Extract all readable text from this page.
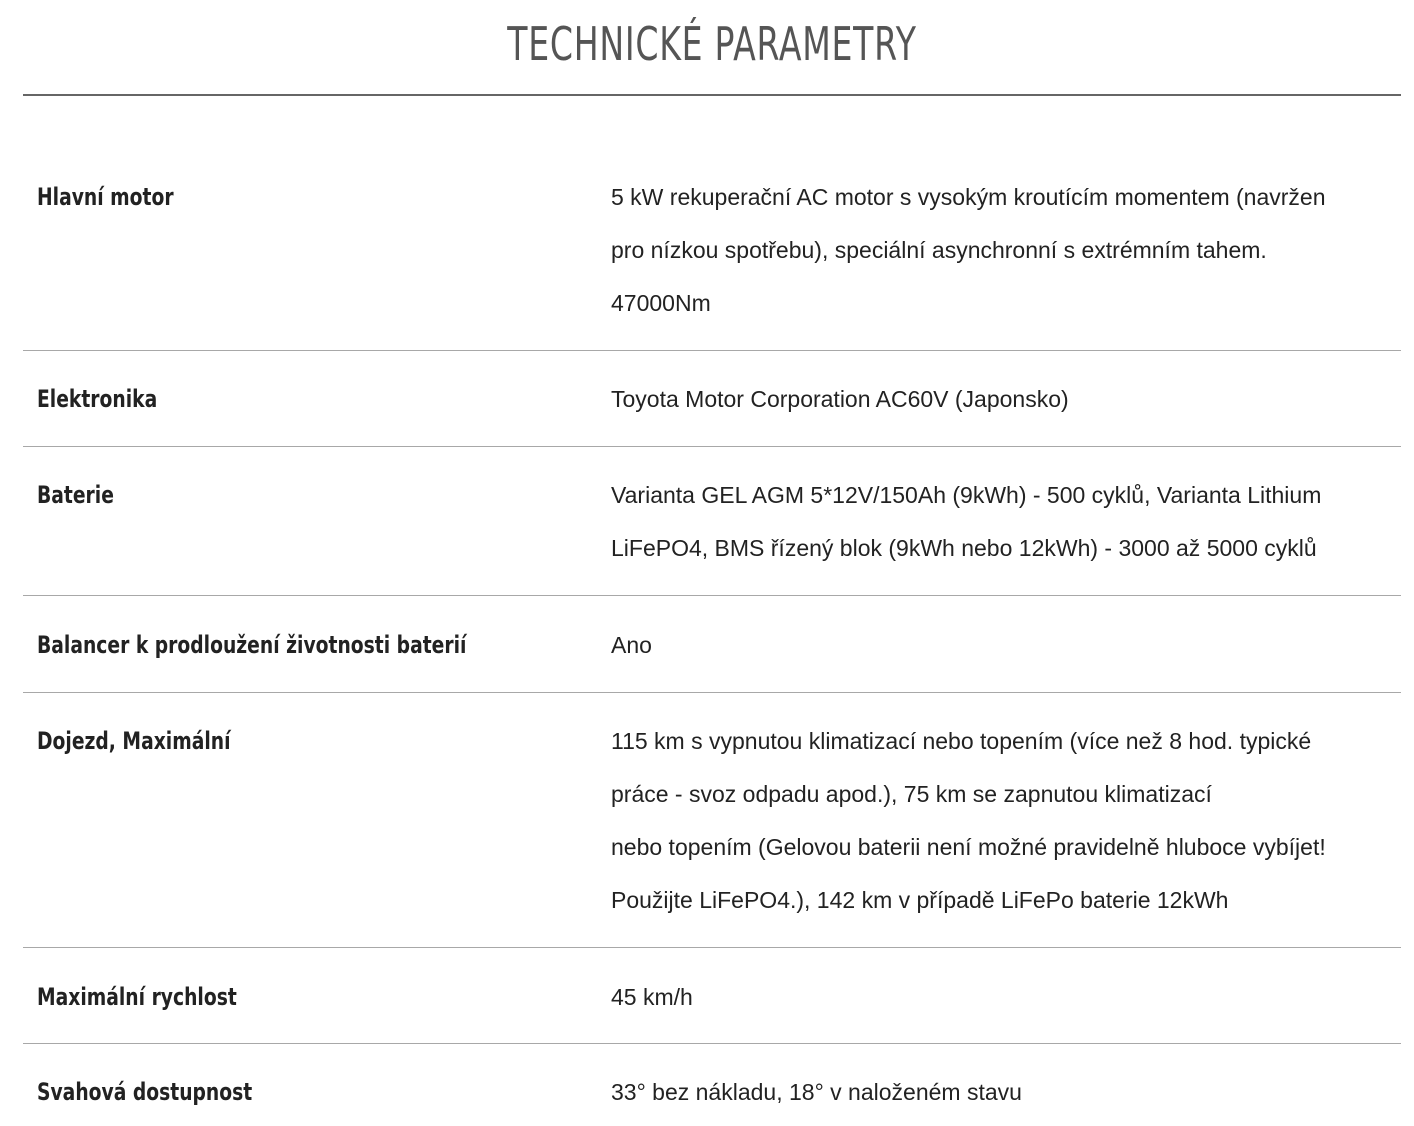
TECHNICKÉ PARAMETRY
Hlavní motor	5 kW rekuperační AC motor s vysokým kroutícím momentem (navržen
pro nízkou spotřebu), speciální asynchronní s extrémním tahem.
47000Nm
Elektronika	Toyota Motor Corporation AC60V (Japonsko)
Baterie	Varianta GEL AGM 5*12V/150Ah (9kWh) - 500 cyklů, Varianta Lithium
LiFePO4, BMS řízený blok (9kWh nebo 12kWh) - 3000 až 5000 cyklů
Balancer k prodloužení životnosti baterií	Ano
Dojezd, Maximální	115 km s vypnutou klimatizací nebo topením (více než 8 hod. typické
práce - svoz odpadu apod.), 75 km se zapnutou klimatizací
nebo topením (Gelovou baterii není možné pravidelně hluboce vybíjet!
Použijte LiFePO4.), 142 km v případě LiFePo baterie 12kWh
Maximální rychlost	45 km/h
Svahová dostupnost	33° bez nákladu, 18° v naloženém stavu
